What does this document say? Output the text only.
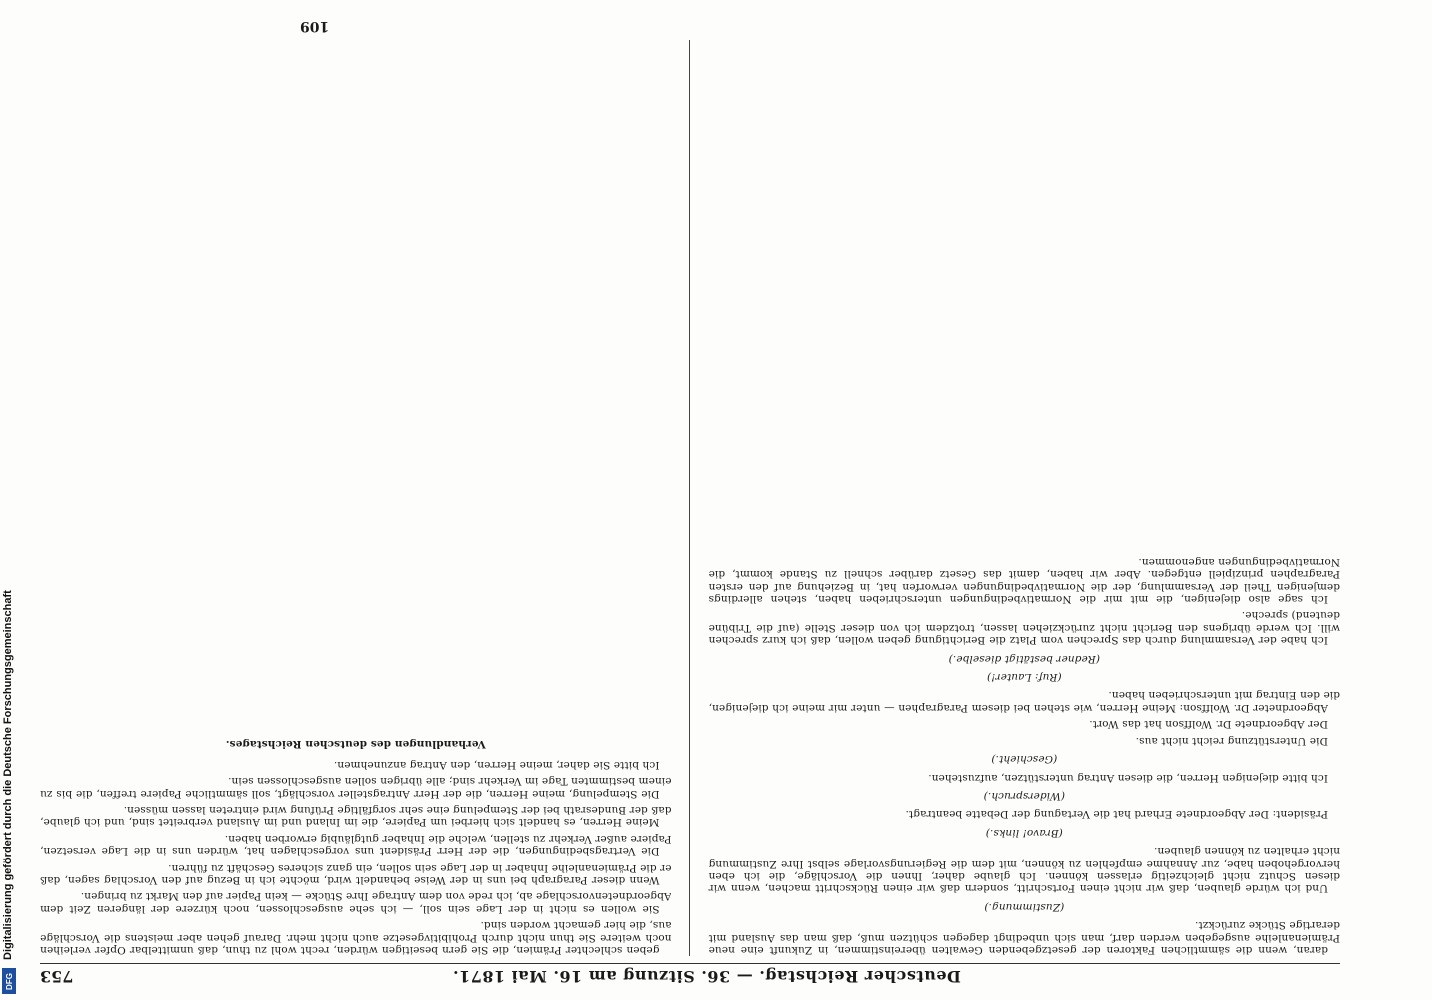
Deutscher Reichstag. — 36. Sitzung am 16. Mai 1871.
753

daran, wenn die sämmtlichen Faktoren der gesetzgebenden Gewalten übereinstimmen, in Zukunft eine neue Prämienanleihe ausgegeben werden darf, man sich unbedingt dagegen schützen muß, daß man das Ausland mit derartige Stücke zurückzt.

(Zustimmung.)

Und ich würde glauben, daß wir nicht einen Fortschritt, sondern daß wir einen Rückschritt machen, wenn wir diesen Schutz nicht gleichzeitig erlassen können. Ich glaube daher, Ihnen die Vorschläge, die ich eben hervorgehoben habe, zur Annahme empfehlen zu können, mit dem die Regierungsvorlage selbst Ihre Zustimmung nicht erhalten zu können glauben.

(Bravo! links.)

Präsident: Der Abgeordnete Erhard hat die Vertagung der Debatte beantragt.

(Widerspruch.)

Ich bitte diejenigen Herren, die diesen Antrag unterstützen, aufzustehen.

(Geschieht.)

Die Unterstützung reicht nicht aus.

Der Abgeordnete Dr. Wolffson hat das Wort.

Abgeordneter Dr. Wolffson: Meine Herren, wie stehen bei diesem Paragraphen — unter mir meine ich diejenigen, die den Eintrag mit unterschrieben haben.

(Ruf: Lauter!)

(Redner bestätigt dieselbe.)

Ich habe der Versammlung durch das Sprechen vom Platz die Berichtigung geben wollen, daß ich kurz sprechen will. Ich werde übrigens den Bericht nicht zurückziehen lassen, trotzdem ich von dieser Stelle (auf die Tribüne deutend) spreche.

Ich sage also diejenigen, die mit mir die Normativbedingungen unterschrieben haben, stehen allerdings demjenigen Theil der Versammlung, der die Normativbedingungen verworfen hat, in Beziehung auf den ersten Paragraphen prinzipiell entgegen. Aber wir haben, damit das Gesetz darüber schnell zu Stande kommt, die Normativbedingungen angenommen.

geben schlechter Prämien, die Sie gern beseitigen würden, recht wohl zu thun, daß unmittelbar Opfer verleihen noch weitere Sie thun nicht durch Prohibitivgesetze auch nicht mehr. Darauf gehen aber meistens die Vorschläge aus, die hier gemacht worden sind.

Sie wollen es nicht in der Lage sein soll, — ich sehe ausgeschlossen, noch kürzere der längeren Zeit dem Abgeordnetenvorschlage ab, ich rede von dem Antrage Ihre Stücke — kein Papier auf den Markt zu bringen.

Wenn dieser Paragraph bei uns in der Weise behandelt wird, möchte ich in Bezug auf den Vorschlag sagen, daß er die Prämienanleihe Inhaber in der Lage sein sollen, ein ganz sicheres Geschäft zu führen.

Die Vertragsbedingungen, die der Herr Präsident uns vorgeschlagen hat, würden uns in die Lage versetzen, Papiere außer Verkehr zu stellen, welche die Inhaber gutgläubig erworben haben.

Meine Herren, es handelt sich hierbei um Papiere, die im Inland und im Ausland verbreitet sind, und ich glaube, daß der Bundesrath bei der Stempelung eine sehr sorgfältige Prüfung wird eintreten lassen müssen.

Die Stempelung, meine Herren, die der Herr Antragsteller vorschlägt, soll sämmtliche Papiere treffen, die bis zu einem bestimmten Tage im Verkehr sind; alle übrigen sollen ausgeschlossen sein.

Ich bitte Sie daher, meine Herren, den Antrag anzunehmen.

Verhandlungen des deutschen Reichstages.

109
DFG
Digitalisierung gefördert durch die Deutsche Forschungsgemeinschaft
